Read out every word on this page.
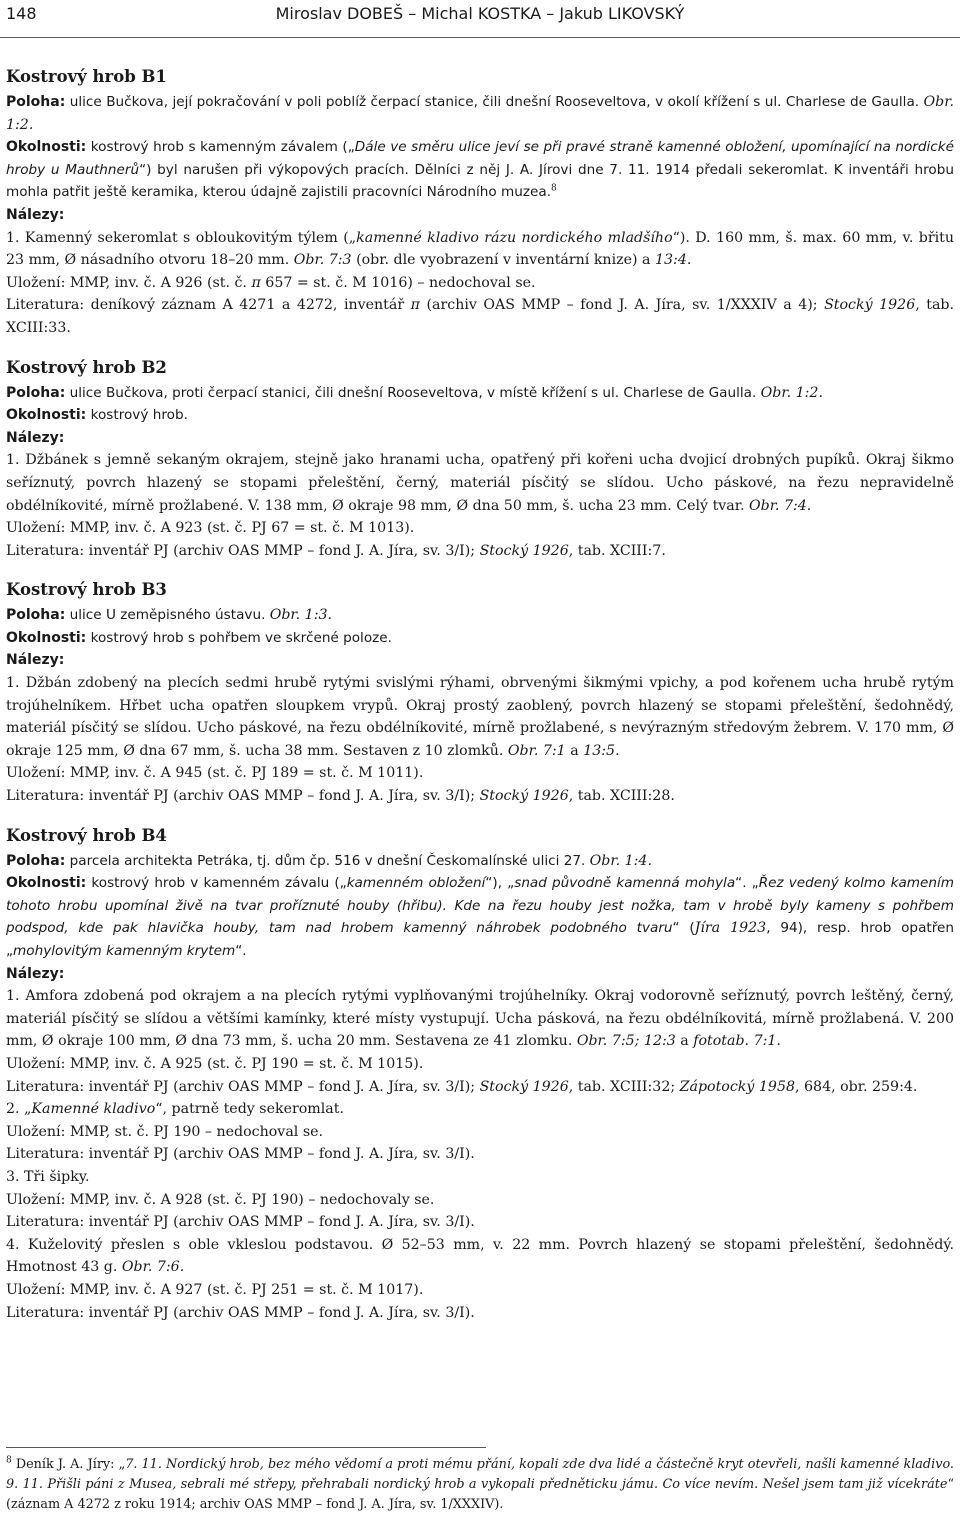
148	Miroslav DOBEŠ – Michal KOSTKA – Jakub LIKOVSKÝ
Kostrový hrob B1

Poloha: ulice Bučkova, její pokračování v poli poblíž čerpací stanice, čili dnešní Rooseveltova, v okolí křížení s ul. Charlese de Gaulla. Obr. 1:2.

Okolnosti: kostrový hrob s kamenným závalem („Dále ve směru ulice jeví se při pravé straně kamenné obložení, upomínající na nordické hroby u Mauthnerů“) byl narušen při výkopových pracích. Dělníci z něj J. A. Jírovi dne 7. 11. 1914 předali sekeromlat. K inventáři hrobu mohla patřit ještě keramika, kterou údajně zajistili pracovníci Národního muzea.$^8$

Nálezy:

1. Kamenný sekeromlat s obloukovitým týlem („kamenné kladivo rázu nordického mladšího“). D. 160 mm, š. max. 60 mm, v. břitu 23 mm, Ø násadního otvoru 18–20 mm. Obr. 7:3 (obr. dle vyobrazení v inventární knize) a 13:4.

Uložení: MMP, inv. č. A 926 (st. č. π 657 = st. č. M 1016) – nedochoval se.

Literatura: deníkový záznam A 4271 a 4272, inventář π (archiv OAS MMP – fond J. A. Jíra, sv. 1/XXXIV a 4); Stocký 1926, tab. XCIII:33.

Kostrový hrob B2

Poloha: ulice Bučkova, proti čerpací stanici, čili dnešní Rooseveltova, v místě křížení s ul. Charlese de Gaulla. Obr. 1:2.

Okolnosti: kostrový hrob.

Nálezy:

1. Džbánek s jemně sekaným okrajem, stejně jako hranami ucha, opatřený při kořeni ucha dvojicí drobných pupíků. Okraj šikmo seříznutý, povrch hlazený se stopami přeleštění, černý, materiál písčitý se slídou. Ucho páskové, na řezu nepravidelně obdélníkovité, mírně prožlabené. V. 138 mm, Ø okraje 98 mm, Ø dna 50 mm, š. ucha 23 mm. Celý tvar. Obr. 7:4.

Uložení: MMP, inv. č. A 923 (st. č. PJ 67 = st. č. M 1013).

Literatura: inventář PJ (archiv OAS MMP – fond J. A. Jíra, sv. 3/I); Stocký 1926, tab. XCIII:7.

Kostrový hrob B3

Poloha: ulice U zeměpisného ústavu. Obr. 1:3.

Okolnosti: kostrový hrob s pohřbem ve skrčené poloze.

Nálezy:

1. Džbán zdobený na plecích sedmi hrubě rytými svislými rýhami, obrvenými šikmými vpichy, a pod kořenem ucha hrubě rytým trojúhelníkem. Hřbet ucha opatřen sloupkem vrypů. Okraj prostý zaoblený, povrch hlazený se stopami přeleštění, šedohnědý, materiál písčitý se slídou. Ucho páskové, na řezu obdélníkovité, mírně prožlabené, s nevýrazným středovým žebrem. V. 170 mm, Ø okraje 125 mm, Ø dna 67 mm, š. ucha 38 mm. Sestaven z 10 zlomků. Obr. 7:1 a 13:5.

Uložení: MMP, inv. č. A 945 (st. č. PJ 189 = st. č. M 1011).

Literatura: inventář PJ (archiv OAS MMP – fond J. A. Jíra, sv. 3/I); Stocký 1926, tab. XCIII:28.

Kostrový hrob B4

Poloha: parcela architekta Petráka, tj. dům čp. 516 v dnešní Českomalínské ulici 27. Obr. 1:4.

Okolnosti: kostrový hrob v kamenném závalu („kamenném obložení“), „snad původně kamenná mohyla“. „Řez vedený kolmo kamením tohoto hrobu upomínal živě na tvar proříznuté houby (hřibu). Kde na řezu houby jest nožka, tam v hrobě byly kameny s pohřbem podspod, kde pak hlavička houby, tam nad hrobem kamenný náhrobek podobného tvaru“ (Jíra 1923, 94), resp. hrob opatřen „mohylovitým kamenným krytem“.

Nálezy:

1. Amfora zdobená pod okrajem a na plecích rytými vyplňovanými trojúhelníky. Okraj vodorovně seříznutý, povrch leštěný, černý, materiál písčitý se slídou a většími kamínky, které místy vystupují. Ucha pásková, na řezu obdélníkovitá, mírně prožlabená. V. 200 mm, Ø okraje 100 mm, Ø dna 73 mm, š. ucha 20 mm. Sestavena ze 41 zlomku. Obr. 7:5; 12:3 a fototab. 7:1.

Uložení: MMP, inv. č. A 925 (st. č. PJ 190 = st. č. M 1015).

Literatura: inventář PJ (archiv OAS MMP – fond J. A. Jíra, sv. 3/I); Stocký 1926, tab. XCIII:32; Zápotocký 1958, 684, obr. 259:4.

2. „Kamenné kladivo“, patrně tedy sekeromlat.

Uložení: MMP, st. č. PJ 190 – nedochoval se.

Literatura: inventář PJ (archiv OAS MMP – fond J. A. Jíra, sv. 3/I).

3. Tři šipky.

Uložení: MMP, inv. č. A 928 (st. č. PJ 190) – nedochovaly se.

Literatura: inventář PJ (archiv OAS MMP – fond J. A. Jíra, sv. 3/I).

4. Kuželovitý přeslen s oble vkleslou podstavou. Ø 52–53 mm, v. 22 mm. Povrch hlazený se stopami přeleštění, šedohnědý. Hmotnost 43 g. Obr. 7:6.

Uložení: MMP, inv. č. A 927 (st. č. PJ 251 = st. č. M 1017).

Literatura: inventář PJ (archiv OAS MMP – fond J. A. Jíra, sv. 3/I).

$^8$ Deník J. A. Jíry: „7. 11. Nordický hrob, bez mého vědomí a proti mému přání, kopali zde dva lidé a částečně kryt otevřeli, našli kamenné kladivo. 9. 11. Přišli páni z Musea, sebrali mé střepy, přehrabali nordický hrob a vykopali předněticku jámu. Co více nevím. Nešel jsem tam již vícekráte“ (záznam A 4272 z roku 1914; archiv OAS MMP – fond J. A. Jíra, sv. 1/XXXIV).
